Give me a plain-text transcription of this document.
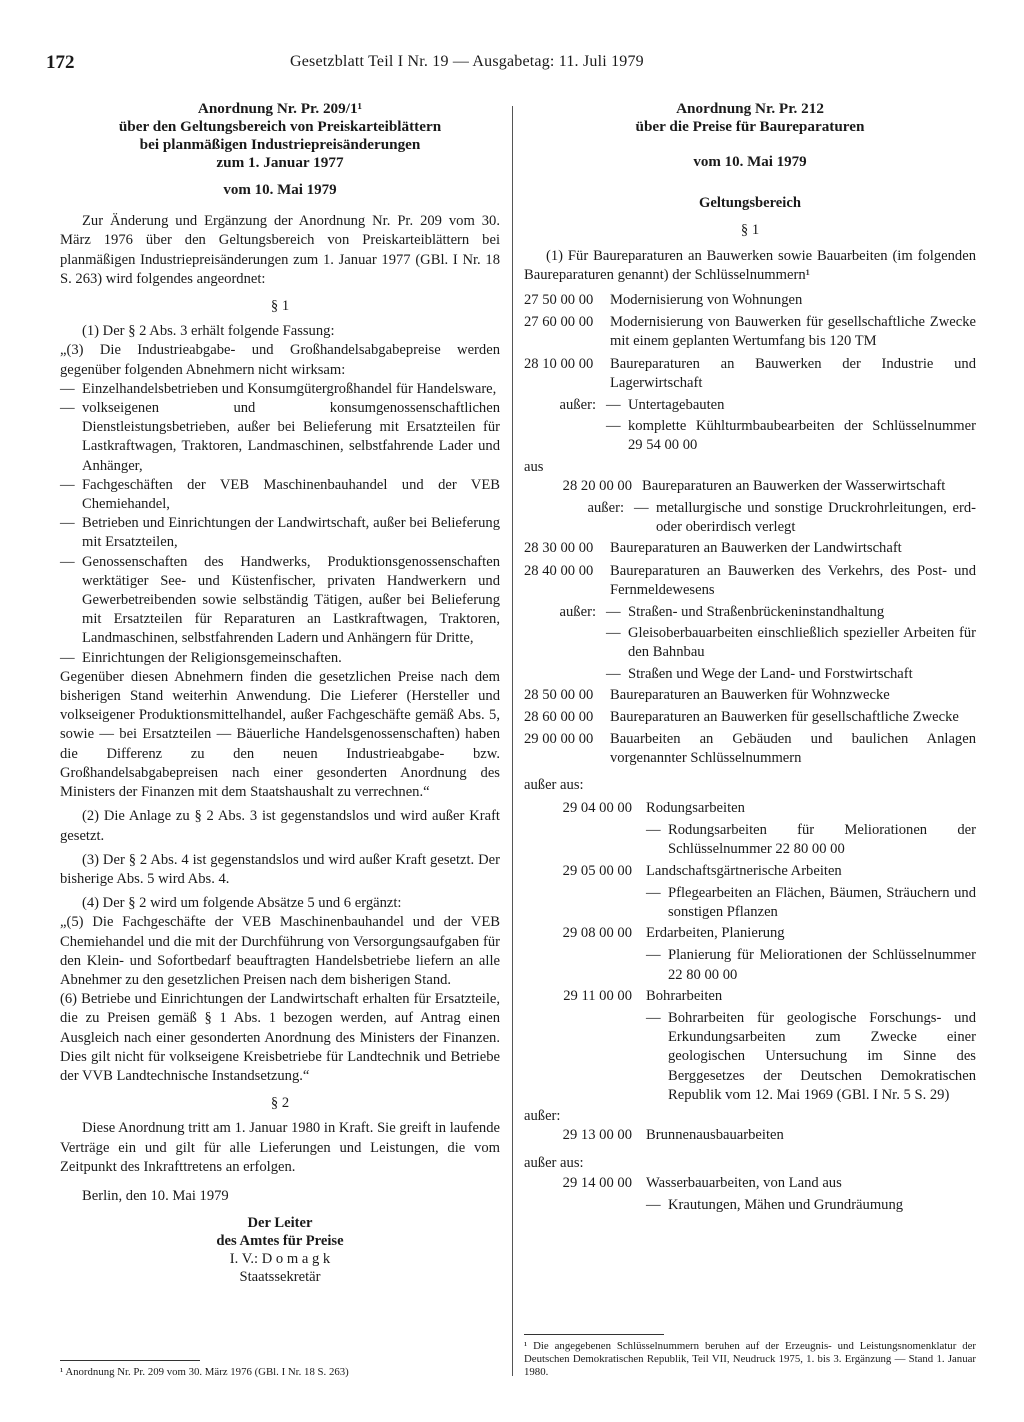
172	Gesetzblatt Teil I Nr. 19 — Ausgabetag: 11. Juli 1979
Anordnung Nr. Pr. 209/1¹
über den Geltungsbereich von Preiskarteiblättern
bei planmäßigen Industriepreisänderungen
zum 1. Januar 1977
vom 10. Mai 1979

Zur Änderung und Ergänzung der Anordnung Nr. Pr. 209 vom 30. März 1976 über den Geltungsbereich von Preiskarteiblättern bei planmäßigen Industriepreisänderungen zum 1. Januar 1977 (GBl. I Nr. 18 S. 263) wird folgendes angeordnet:

§ 1

(1) Der § 2 Abs. 3 erhält folgende Fassung:

„(3) Die Industrieabgabe- und Großhandelsabgabepreise werden gegenüber folgenden Abnehmern nicht wirksam:

— Einzelhandelsbetrieben und Konsumgütergroßhandel für Handelsware,
— volkseigenen und konsumgenossenschaftlichen Dienstleistungsbetrieben, außer bei Belieferung mit Ersatzteilen für Lastkraftwagen, Traktoren, Landmaschinen, selbstfahrende Lader und Anhänger,
— Fachgeschäften der VEB Maschinenbauhandel und der VEB Chemiehandel,
— Betrieben und Einrichtungen der Landwirtschaft, außer bei Belieferung mit Ersatzteilen,
— Genossenschaften des Handwerks, Produktionsgenossenschaften werktätiger See- und Küstenfischer, privaten Handwerkern und Gewerbetreibenden sowie selbständig Tätigen, außer bei Belieferung mit Ersatzteilen für Reparaturen an Lastkraftwagen, Traktoren, Landmaschinen, selbstfahrenden Ladern und Anhängern für Dritte,
— Einrichtungen der Religionsgemeinschaften.

Gegenüber diesen Abnehmern finden die gesetzlichen Preise nach dem bisherigen Stand weiterhin Anwendung. Die Lieferer (Hersteller und volkseigener Produktionsmittelhandel, außer Fachgeschäfte gemäß Abs. 5, sowie — bei Ersatzteilen — Bäuerliche Handelsgenossenschaften) haben die Differenz zu den neuen Industrieabgabe- bzw. Großhandelsabgabepreisen nach einer gesonderten Anordnung des Ministers der Finanzen mit dem Staatshaushalt zu verrechnen.“

(2) Die Anlage zu § 2 Abs. 3 ist gegenstandslos und wird außer Kraft gesetzt.

(3) Der § 2 Abs. 4 ist gegenstandslos und wird außer Kraft gesetzt. Der bisherige Abs. 5 wird Abs. 4.

(4) Der § 2 wird um folgende Absätze 5 und 6 ergänzt:

„(5) Die Fachgeschäfte der VEB Maschinenbauhandel und der VEB Chemiehandel und die mit der Durchführung von Versorgungsaufgaben für den Klein- und Sofortbedarf beauftragten Handelsbetriebe liefern an alle Abnehmer zu den gesetzlichen Preisen nach dem bisherigen Stand.

(6) Betriebe und Einrichtungen der Landwirtschaft erhalten für Ersatzteile, die zu Preisen gemäß § 1 Abs. 1 bezogen werden, auf Antrag einen Ausgleich nach einer gesonderten Anordnung des Ministers der Finanzen. Dies gilt nicht für volkseigene Kreisbetriebe für Landtechnik und Betriebe der VVB Landtechnische Instandsetzung.“

§ 2

Diese Anordnung tritt am 1. Januar 1980 in Kraft. Sie greift in laufende Verträge ein und gilt für alle Lieferungen und Leistungen, die vom Zeitpunkt des Inkrafttretens an erfolgen.

Berlin, den 10. Mai 1979

Der Leiter
des Amtes für Preise
I. V.: D o m a g k
Staatssekretär
¹ Anordnung Nr. Pr. 209 vom 30. März 1976 (GBl. I Nr. 18 S. 263)
Anordnung Nr. Pr. 212
über die Preise für Baureparaturen
vom 10. Mai 1979
Geltungsbereich
§ 1

(1) Für Baureparaturen an Bauwerken sowie Bauarbeiten (im folgenden Baureparaturen genannt) der Schlüsselnummern¹

27 50 00 00	Modernisierung von Wohnungen
27 60 00 00	Modernisierung von Bauwerken für gesellschaftliche Zwecke mit einem geplanten Wertumfang bis 120 TM
28 10 00 00	Baureparaturen an Bauwerken der Industrie und Lagerwirtschaft
außer: — Untertagebauten
— komplette Kühlturmbaubearbeiten der Schlüsselnummer 29 54 00 00
aus
28 20 00 00 Baureparaturen an Bauwerken der Wasserwirtschaft
außer: — metallurgische und sonstige Druckrohrleitungen, erd- oder oberirdisch verlegt
28 30 00 00	Baureparaturen an Bauwerken der Landwirtschaft
28 40 00 00	Baureparaturen an Bauwerken des Verkehrs, des Post- und Fernmeldewesens
außer: — Straßen- und Straßenbrückeninstandhaltung
— Gleisoberbauarbeiten einschließlich spezieller Arbeiten für den Bahnbau
— Straßen und Wege der Land- und Forstwirtschaft
28 50 00 00	Baureparaturen an Bauwerken für Wohnzwecke
28 60 00 00	Baureparaturen an Bauwerken für gesellschaftliche Zwecke
29 00 00 00	Bauarbeiten an Gebäuden und baulichen Anlagen vorgenannter Schlüsselnummern
außer aus:
29 04 00 00 Rodungsarbeiten
— Rodungsarbeiten für Meliorationen der Schlüsselnummer 22 80 00 00
29 05 00 00 Landschaftsgärtnerische Arbeiten
— Pflegearbeiten an Flächen, Bäumen, Sträuchern und sonstigen Pflanzen
29 08 00 00 Erdarbeiten, Planierung
— Planierung für Meliorationen der Schlüsselnummer 22 80 00 00
29 11 00 00 Bohrarbeiten
— Bohrarbeiten für geologische Forschungs- und Erkundungsarbeiten zum Zwecke einer geologischen Untersuchung im Sinne des Berggesetzes der Deutschen Demokratischen Republik vom 12. Mai 1969 (GBl. I Nr. 5 S. 29)
außer:
29 13 00 00 Brunnenausbauarbeiten
außer aus:
29 14 00 00 Wasserbauarbeiten, von Land aus
— Krautungen, Mähen und Grundräumung
¹ Die angegebenen Schlüsselnummern beruhen auf der Erzeugnis- und Leistungsnomenklatur der Deutschen Demokratischen Republik, Teil VII, Neudruck 1975, 1. bis 3. Ergänzung — Stand 1. Januar 1980.
